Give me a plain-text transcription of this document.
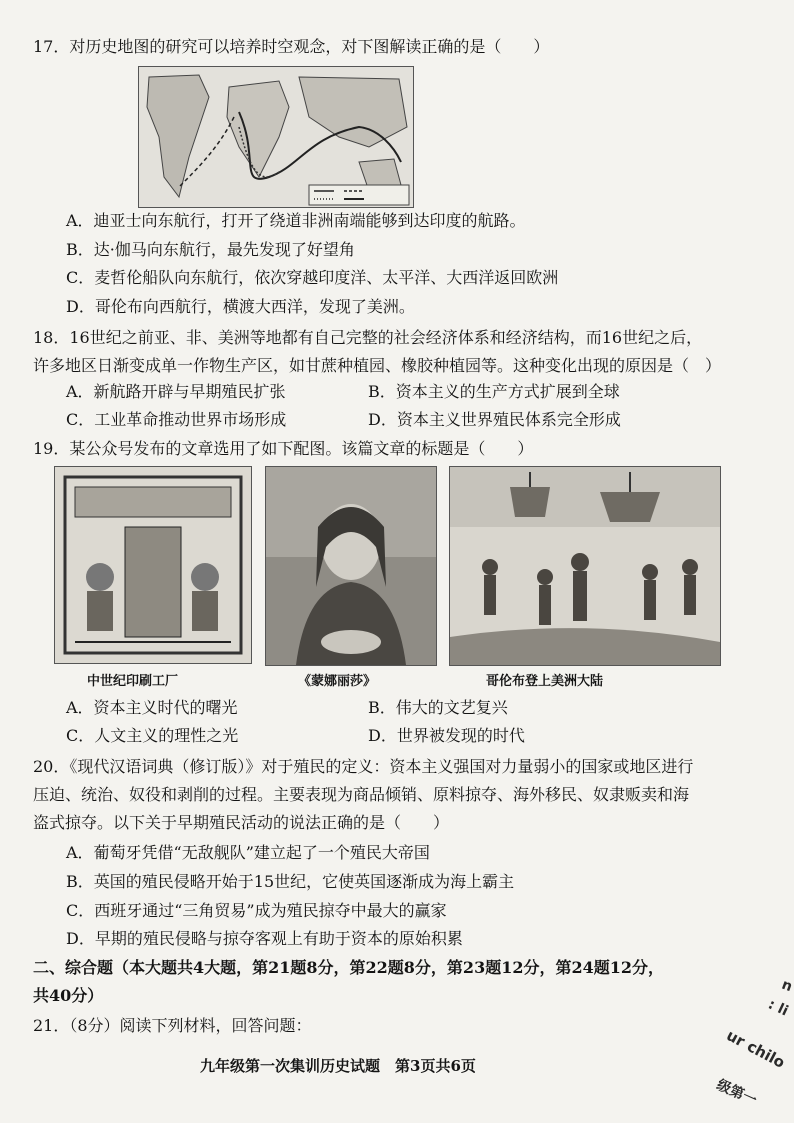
17．对历史地图的研究可以培养时空观念，对下图解读正确的是（　　）
A．迪亚士向东航行，打开了绕道非洲南端能够到达印度的航路。
B．达·伽马向东航行，最先发现了好望角
C．麦哲伦船队向东航行，依次穿越印度洋、太平洋、大西洋返回欧洲
D．哥伦布向西航行，横渡大西洋，发现了美洲。
18．16世纪之前亚、非、美洲等地都有自己完整的社会经济体系和经济结构，而16世纪之后，
许多地区日渐变成单一作物生产区，如甘蔗种植园、橡胶种植园等。这种变化出现的原因是（　）
A．新航路开辟与早期殖民扩张	B．资本主义的生产方式扩展到全球
C．工业革命推动世界市场形成	D．资本主义世界殖民体系完全形成
19．某公众号发布的文章选用了如下配图。该篇文章的标题是（　　）
中世纪印刷工厂	《蒙娜丽莎》	哥伦布登上美洲大陆
A．资本主义时代的曙光	B．伟大的文艺复兴
C．人文主义的理性之光	D．世界被发现的时代
20．《现代汉语词典（修订版）》对于殖民的定义：资本主义强国对力量弱小的国家或地区进行
压迫、统治、奴役和剥削的过程。主要表现为商品倾销、原料掠夺、海外移民、奴隶贩卖和海
盗式掠夺。以下关于早期殖民活动的说法正确的是（　　）
A．葡萄牙凭借“无敌舰队”建立起了一个殖民大帝国
B．英国的殖民侵略开始于15世纪，它使英国逐渐成为海上霸主
C．西班牙通过“三角贸易”成为殖民掠夺中最大的赢家
D．早期的殖民侵略与掠夺客观上有助于资本的原始积累
二、综合题（本大题共4大题，第21题8分，第22题8分，第23题12分，第24题12分，
共40分）
21．（8分）阅读下列材料，回答问题：
九年级第一次集训历史试题　第3页共6页
n
: li
ur chilo
级第一
